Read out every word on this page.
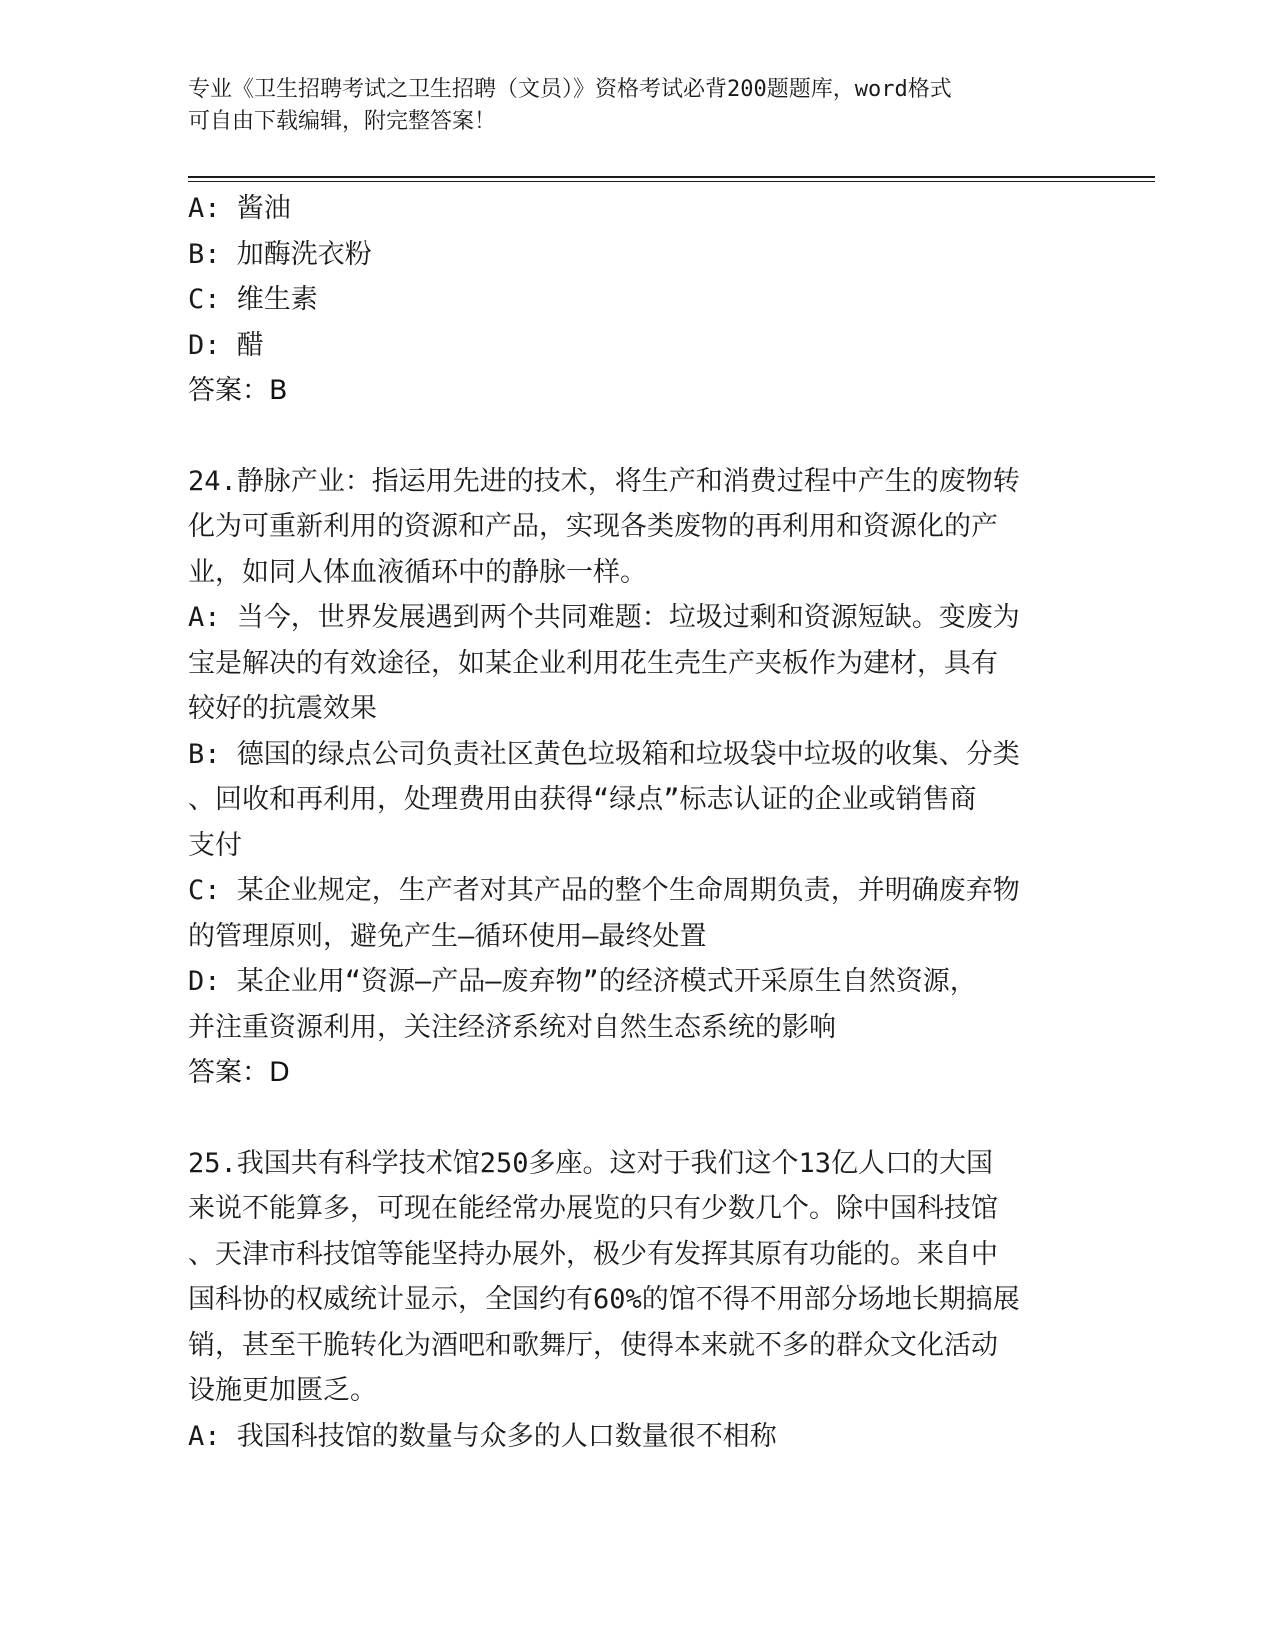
专业《卫生招聘考试之卫生招聘（文员）》资格考试必背200题题库，word格式
可自由下载编辑，附完整答案！

A: 酱油

B: 加酶洗衣粉

C: 维生素

D: 醋

答案：B

24.静脉产业：指运用先进的技术，将生产和消费过程中产生的废物转

化为可重新利用的资源和产品，实现各类废物的再利用和资源化的产

业，如同人体血液循环中的静脉一样。

A: 当今，世界发展遇到两个共同难题：垃圾过剩和资源短缺。变废为

宝是解决的有效途径，如某企业利用花生壳生产夹板作为建材，具有

较好的抗震效果

B: 德国的绿点公司负责社区黄色垃圾箱和垃圾袋中垃圾的收集、分类

、回收和再利用，处理费用由获得“绿点”标志认证的企业或销售商

支付

C: 某企业规定，生产者对其产品的整个生命周期负责，并明确废弃物

的管理原则，避免产生—循环使用—最终处置

D: 某企业用“资源—产品—废弃物”的经济模式开采原生自然资源，

并注重资源利用，关注经济系统对自然生态系统的影响

答案：D

25.我国共有科学技术馆250多座。这对于我们这个13亿人口的大国

来说不能算多，可现在能经常办展览的只有少数几个。除中国科技馆

、天津市科技馆等能坚持办展外，极少有发挥其原有功能的。来自中

国科协的权威统计显示，全国约有60%的馆不得不用部分场地长期搞展

销，甚至干脆转化为酒吧和歌舞厅，使得本来就不多的群众文化活动

设施更加匮乏。

A: 我国科技馆的数量与众多的人口数量很不相称
